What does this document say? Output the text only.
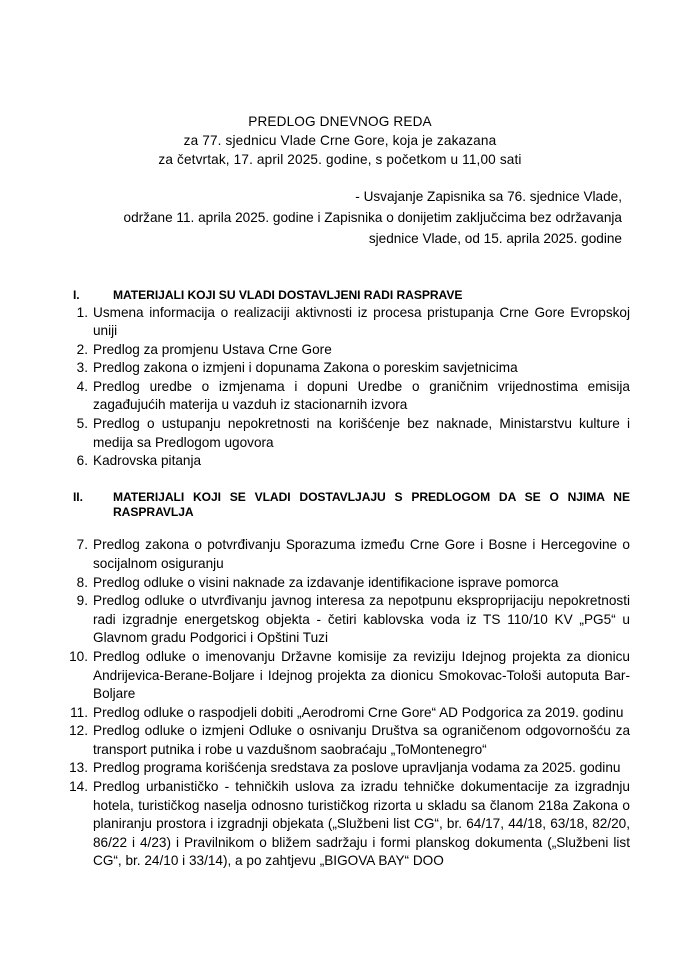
PREDLOG DNEVNOG REDA
za 77. sjednicu Vlade Crne Gore, koja je zakazana
za četvrtak, 17. april 2025. godine, s početkom u 11,00 sati
- Usvajanje Zapisnika sa 76. sjednice Vlade,
održane 11. aprila 2025. godine i Zapisnika o donijetim zaključcima bez održavanja
sjednice Vlade, od 15. aprila 2025. godine
I.	MATERIJALI KOJI SU VLADI DOSTAVLJENI RADI RASPRAVE
1. Usmena informacija o realizaciji aktivnosti iz procesa pristupanja Crne Gore Evropskoj uniji
2. Predlog za promjenu Ustava Crne Gore
3. Predlog zakona o izmjeni i dopunama Zakona o poreskim savjetnicima
4. Predlog uredbe o izmjenama i dopuni Uredbe o graničnim vrijednostima emisija zagađujućih materija u vazduh iz stacionarnih izvora
5. Predlog o ustupanju nepokretnosti na korišćenje bez naknade, Ministarstvu kulture i medija sa Predlogom ugovora
6. Kadrovska pitanja
II.	MATERIJALI KOJI SE VLADI DOSTAVLJAJU S PREDLOGOM DA SE O NJIMA NE RASPRAVLJA
7. Predlog zakona o potvrđivanju Sporazuma između Crne Gore i Bosne i Hercegovine o socijalnom osiguranju
8. Predlog odluke o visini naknade za izdavanje identifikacione isprave pomorca
9. Predlog odluke o utvrđivanju javnog interesa za nepotpunu eksproprijaciju nepokretnosti radi izgradnje energetskog objekta - četiri kablovska voda iz TS 110/10 KV „PG5“ u Glavnom gradu Podgorici i Opštini Tuzi
10. Predlog odluke o imenovanju Državne komisije za reviziju Idejnog projekta za dionicu Andrijevica-Berane-Boljare i Idejnog projekta za dionicu Smokovac-Tološi autoputa Bar-Boljare
11. Predlog odluke o raspodjeli dobiti „Aerodromi Crne Gore“ AD Podgorica za 2019. godinu
12. Predlog odluke o izmjeni Odluke o osnivanju Društva sa ograničenom odgovornošću za transport putnika i robe u vazdušnom saobraćaju „ToMontenegro“
13. Predlog programa korišćenja sredstava za poslove upravljanja vodama za 2025. godinu
14. Predlog urbanističko - tehničkih uslova za izradu tehničke dokumentacije za izgradnju hotela, turističkog naselja odnosno turističkog rizorta u skladu sa članom 218a Zakona o planiranju prostora i izgradnji objekata („Službeni list CG“, br. 64/17, 44/18, 63/18, 82/20, 86/22 i 4/23) i Pravilnikom o bližem sadržaju i formi planskog dokumenta („Službeni list CG“, br. 24/10 i 33/14), a po zahtjevu „BIGOVA BAY“ DOO
